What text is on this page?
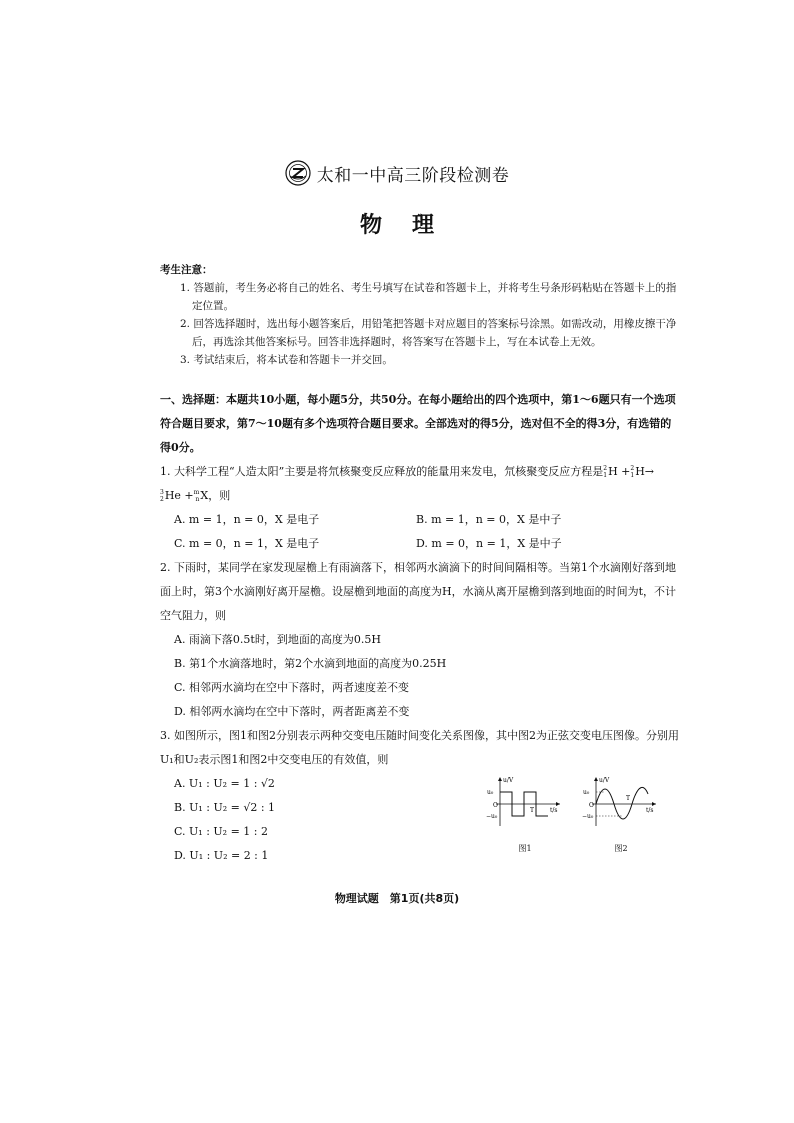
太和一中高三阶段检测卷
物理
考生注意：
1. 答题前，考生务必将自己的姓名、考生号填写在试卷和答题卡上，并将考生号条形码粘贴在答题卡上的指定位置。
2. 回答选择题时，选出每小题答案后，用铅笔把答题卡对应题目的答案标号涂黑。如需改动，用橡皮擦干净后，再选涂其他答案标号。回答非选择题时，将答案写在答题卡上，写在本试卷上无效。
3. 考试结束后，将本试卷和答题卡一并交回。
一、选择题：本题共10小题，每小题5分，共50分。在每小题给出的四个选项中，第1～6题只有一个选项符合题目要求，第7～10题有多个选项符合题目要求。全部选对的得5分，选对但不全的得3分，有选错的得0分。
1. 大科学工程“人造太阳”主要是将氘核聚变反应释放的能量用来发电，氘核聚变反应方程是 2
1 H + 2
1 H→

3
2 He + m
n X，则
A. m = 1，n = 0，X 是电子	B. m = 1，n = 0，X 是中子
C. m = 0，n = 1，X 是电子	D. m = 0，n = 1，X 是中子
2. 下雨时，某同学在家发现屋檐上有雨滴落下，相邻两水滴滴下的时间间隔相等。当第1个水滴刚好落到地面上时，第3个水滴刚好离开屋檐。设屋檐到地面的高度为H，水滴从离开屋檐到落到地面的时间为t，不计空气阻力，则
A. 雨滴下落0.5t时，到地面的高度为0.5H
B. 第1个水滴落地时，第2个水滴到地面的高度为0.25H
C. 相邻两水滴均在空中下落时，两者速度差不变
D. 相邻两水滴均在空中下落时，两者距离差不变
3. 如图所示，图1和图2分别表示两种交变电压随时间变化关系图像，其中图2为正弦交变电压图像。分别用U₁和U₂表示图1和图2中交变电压的有效值，则
A. U₁ : U₂ = 1 : √2
B. U₁ : U₂ = √2 : 1
C. U₁ : U₂ = 1 : 2
D. U₁ : U₂ = 2 : 1
u/V
u₀
−u₀
O
T	t/s
图1
u/V
u₀
−u₀
O
T
t/s
图2
物理试题　第1页(共8页)
